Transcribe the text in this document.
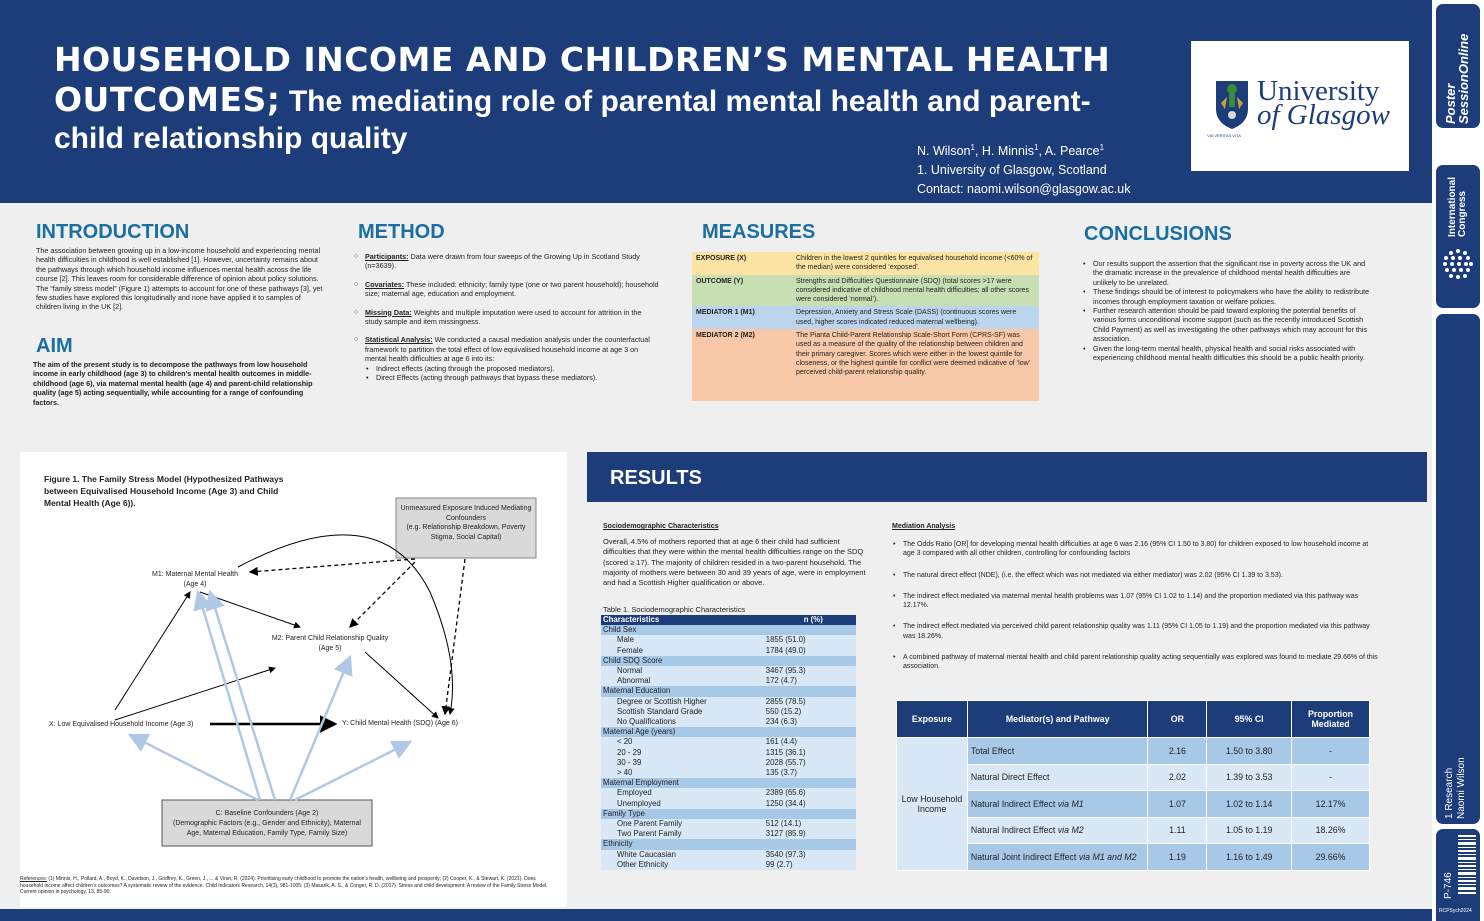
HOUSEHOLD INCOME AND CHILDREN’S MENTAL HEALTH
OUTCOMES; The mediating role of parental mental health and parent-
child relationship quality	N. Wilson$^1$, H. Minnis$^1$, A. Pearce$^1$
1. University of Glasgow, Scotland
Contact: naomi.wilson@glasgow.ac.uk
VIA VERITAS VITA
University
of Glasgow	Poster
SessionOnline
International
Congress
1 Research
Naomi Wilson
P-746
RCPSych2024
INTRODUCTION
The association between growing up in a low-income household and experiencing mental health difficulties in childhood is well established [1]. However, uncertainty remains about the pathways through which household income influences mental health across the life course [2]. This leaves room for considerable difference of opinion about policy solutions. The “family stress model” (Figure 1) attempts to account for one of these pathways [3], yet few studies have explored this longitudinally and none have applied it to samples of children living in the UK [2].
AIM
The aim of the present study is to decompose the pathways from low household income in early childhood (age 3) to children’s mental health outcomes in middle-childhood (age 6), via maternal mental health (age 4) and parent-child relationship quality (age 5) acting sequentially, while accounting for a range of confounding factors.
METHOD
○ Participants: Data were drawn from four sweeps of the Growing Up in Scotland Study (n=3639).
○ Covariates: These included: ethnicity; family type (one or two parent household); household size; maternal age, education and employment.
○ Missing Data: Weights and multiple imputation were used to account for attrition in the study sample and item missingness.
○ Statistical Analysis: We conducted a causal mediation analysis under the counterfactual framework to partition the total effect of low equivalised household income at age 3 on mental health difficulties at age 6 into its:
• Indirect effects (acting through the proposed mediators).
• Direct Effects (acting through pathways that bypass these mediators).
MEASURES
EXPOSURE (X)	Children in the lowest 2 quintiles for equivalised household income (<60% of the median) were considered ‘exposed’.
OUTCOME (Y)	Strengths and Difficulties Questionnaire (SDQ) (total scores >17 were considered indicative of childhood mental health difficulties; all other scores were considered ‘normal’).
MEDIATOR 1 (M1)	Depression, Anxiety and Stress Scale (DASS) (continuous scores were used, higher scores indicated reduced maternal wellbeing).
MEDIATOR 2 (M2)	The Pianta Child-Parent Relationship Scale-Short Form (CPRS-SF) was used as a measure of the quality of the relationship between children and their primary caregiver. Scores which were either in the lowest quintile for closeness, or the highest quintile for conflict were deemed indicative of ‘low’ perceived child-parent relationship quality.
CONCLUSIONS
• Our results support the assertion that the significant rise in poverty across the UK and the dramatic increase in the prevalence of childhood mental health difficulties are unlikely to be unrelated.
• These findings should be of interest to policymakers who have the ability to redistribute incomes through employment taxation or welfare policies.
• Further research attention should be paid toward exploring the potential benefits of various forms unconditional income support (such as the recently introduced Scottish Child Payment) as well as investigating the other pathways which may account for this association.
• Given the long-term mental health, physical health and social risks associated with experiencing childhood mental health difficulties this should be a public health priority.
Figure 1. The Family Stress Model (Hypothesized Pathways between Equivalised Household Income (Age 3) and Child Mental Health (Age 6)).
Unmeasured Exposure Induced Mediating
Confounders
(e.g. Relationship Breakdown, Poverty
Stigma, Social Capital)
M1: Maternal Mental Health
(Age 4)
M2: Parent Child Relationship Quality
(Age 5)
X: Low Equivalised Household Income (Age 3)	Y: Child Mental Health (SDQ) (Age 6)
C: Baseline Confounders (Age 2)
(Demographic Factors (e.g., Gender and Ethnicity), Maternal
Age, Maternal Education, Family Type, Family Size)
References: (1) Minnis, H., Pollard, A., Boyd, K., Davidson, J., Godfrey, K., Green, J., ... & Viner, R. (2024). Prioritising early childhood to promote the nation’s health, wellbeing and prosperity; (2) Cooper, K., & Stewart, K. (2021). Does household income affect children’s outcomes? A systematic review of the evidence. Child Indicators Research, 14(3), 981-1005; (3) Masarik, A. S., & Conger, R. D. (2017). Stress and child development: A review of the Family Stress Model. Current opinion in psychology, 13, 85-90.
RESULTS
Sociodemographic Characteristics
Overall, 4.5% of mothers reported that at age 6 their child had sufficient difficulties that they were within the mental health difficulties range on the SDQ (scored ≥ 17). The majority of children resided in a two-parent household. The majority of mothers were between 30 and 39 years of age, were in employment and had a Scottish Higher qualification or above.
Table 1. Sociodemographic Characteristics
Characteristics	n (%)
Child Sex	
Male	1855 (51.0)
Female	1784 (49.0)
Child SDQ Score	
Normal	3467 (95.3)
Abnormal	172 (4.7)
Maternal Education	
Degree or Scottish Higher	2855 (78.5)
Scottish Standard Grade	550 (15.2)
No Qualifications	234 (6.3)
Maternal Age (years)	
< 20	161 (4.4)
20 - 29	1315 (36.1)
30 - 39	2028 (55.7)
> 40	135 (3.7)
Maternal Employment	
Employed	2389 (65.6)
Unemployed	1250 (34.4)
Family Type	
One Parent Family	512 (14.1)
Two Parent Family	3127 (85.9)
Ethnicity	
White Caucasian	3540 (97.3)
Other Ethnicity	99 (2.7)
Mediation Analysis
• The Odds Ratio [OR] for developing mental health difficulties at age 6 was 2.16 (95% CI 1.50 to 3.80) for children exposed to low household income at age 3 compared with all other children, controlling for confounding factors
• The natural direct effect (NDE), (i.e. the effect which was not mediated via either mediator) was 2.02 (95% CI 1.39 to 3.53).
• The indirect effect mediated via maternal mental health problems was 1.07 (95% CI 1.02 to 1.14) and the proportion mediated via this pathway was 12.17%.
• The indirect effect mediated via perceived child parent relationship quality was 1.11 (95% CI 1.05 to 1.19) and the proportion mediated via this pathway was 18.26%.
• A combined pathway of maternal mental health and child parent relationship quality acting sequentially was explored was found to mediate 29.66% of this association.
Exposure	Mediator(s) and Pathway	OR	95% CI	Proportion Mediated
Low Household Income	Total Effect	2.16	1.50 to 3.80	-
	Natural Direct Effect	2.02	1.39 to 3.53	-
	Natural Indirect Effect via M1	1.07	1.02 to 1.14	12.17%
	Natural Indirect Effect via M2	1.11	1.05 to 1.19	18.26%
	Natural Joint Indirect Effect via M1 and M2	1.19	1.16 to 1.49	29.66%
